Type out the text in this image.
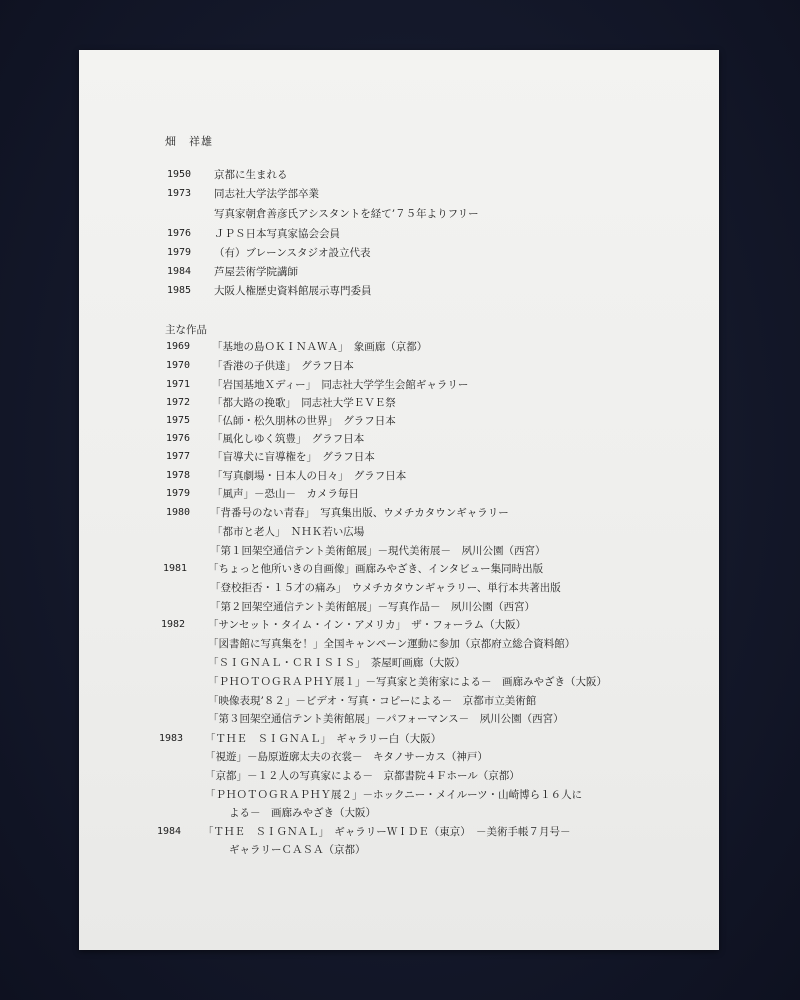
畑　祥雄
1950	京都に生まれる
1973	同志社大学法学部卒業
写真家朝倉善彦氏アシスタントを経て’７５年よりフリー
1976	ＪＰＳ日本写真家協会会員
1979	（有）ブレーンスタジオ設立代表
1984	芦屋芸術学院講師
1985	大阪人権歴史資料館展示専門委員
主な作品
1969	「基地の島ＯＫＩＮＡＷＡ」　象画廊（京都）
1970	「香港の子供達」　グラフ日本
1971	「岩国基地Ｘディー」　同志社大学学生会館ギャラリー
1972	「都大路の挽歌」　同志社大学ＥＶＥ祭
1975	「仏師・松久朋林の世界」　グラフ日本
1976	「風化しゆく筑豊」　グラフ日本
1977	「盲導犬に盲導権を」　グラフ日本
1978	「写真劇場・日本人の日々」　グラフ日本
1979	「風声」－恐山－　カメラ毎日
1980	「背番号のない青春」　写真集出版、ウメチカタウンギャラリー
「都市と老人」　ＮＨＫ若い広場
「第１回架空通信テント美術館展」－現代美術展－　夙川公園（西宮）
1981	「ちょっと他所いきの自画像」画廊みやざき、インタビュー集同時出版
「登校拒否・１５才の痛み」　ウメチカタウンギャラリー、単行本共著出版
「第２回架空通信テント美術館展」－写真作品－　夙川公園（西宮）
1982	「サンセット・タイム・イン・アメリカ」　ザ・フォーラム（大阪）
「図書館に写真集を！」全国キャンペーン運動に参加（京都府立総合資料館）
「ＳＩＧＮＡＬ・ＣＲＩＳＩＳ」　茶屋町画廊（大阪）
「ＰＨＯＴＯＧＲＡＰＨＹ展１」－写真家と美術家による－　画廊みやざき（大阪）
「映像表現’８２」－ビデオ・写真・コピーによる－　京都市立美術館
「第３回架空通信テント美術館展」－パフォーマンス－　夙川公園（西宮）
1983	「ＴＨＥ　ＳＩＧＮＡＬ」　ギャラリー白（大阪）
「視遊」－島原遊廓太夫の衣裳－　キタノサーカス（神戸）
「京都」－１２人の写真家による－　京都書院４Ｆホール（京都）
「ＰＨＯＴＯＧＲＡＰＨＹ展２」－ホックニー・メイルーツ・山崎博ら１６人に
よる－　画廊みやざき（大阪）
1984	「ＴＨＥ　ＳＩＧＮＡＬ」　ギャラリーＷＩＤＥ（東京）　－美術手帳７月号－
ギャラリーＣＡＳＡ（京都）
